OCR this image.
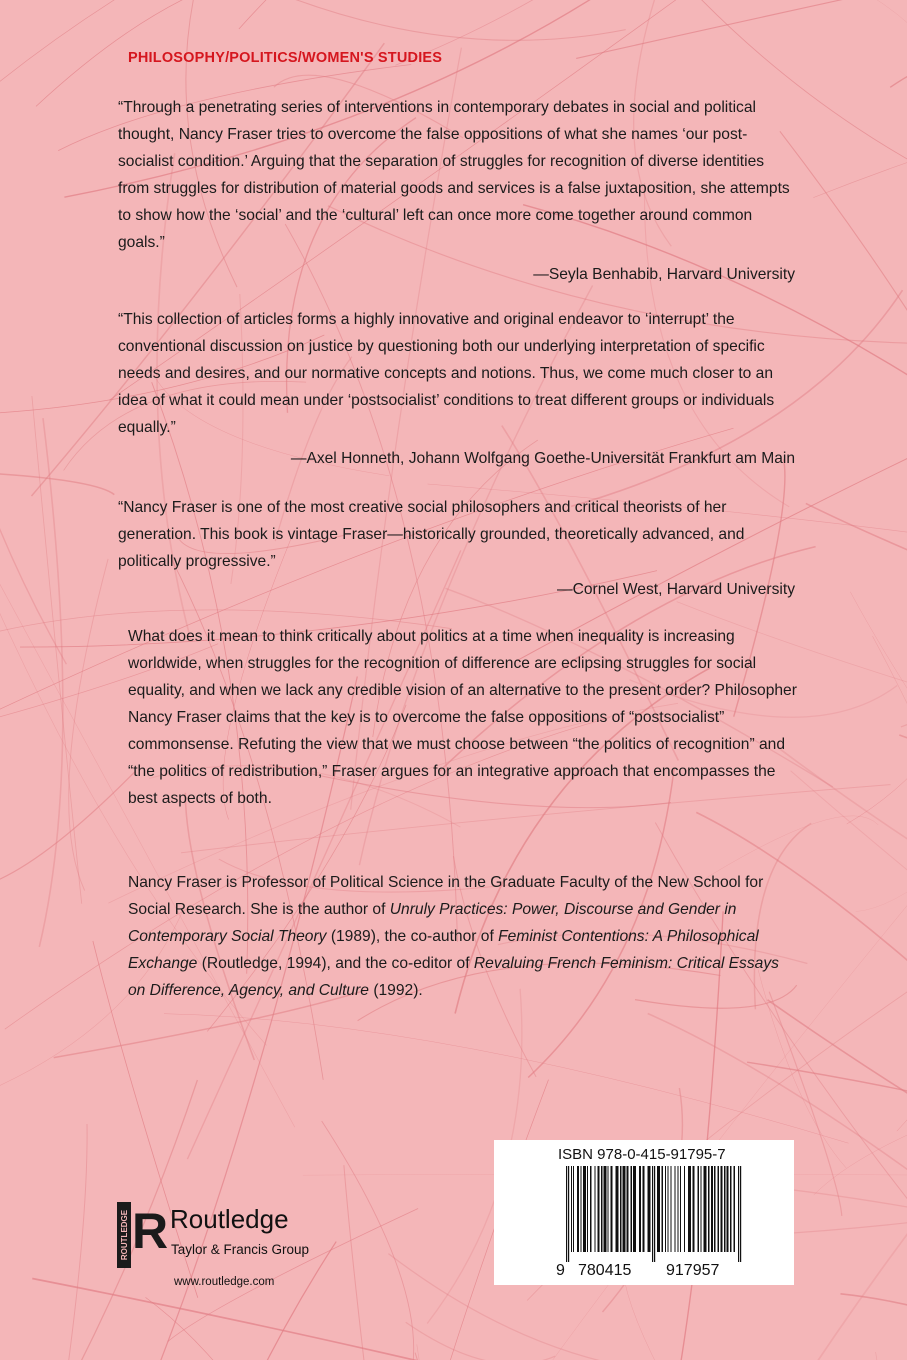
PHILOSOPHY/POLITICS/WOMEN'S STUDIES

“Through a penetrating series of interventions in contemporary debates in social and political thought, Nancy Fraser tries to overcome the false oppositions of what she names ‘our post-socialist condition.’ Arguing that the separation of struggles for recognition of diverse identities from struggles for distribution of material goods and services is a false juxtaposition, she attempts to show how the ‘social’ and the ‘cultural’ left can once more come together around common goals.”

—Seyla Benhabib, Harvard University

“This collection of articles forms a highly innovative and original endeavor to ‘interrupt’ the conventional discussion on justice by questioning both our underlying interpretation of specific needs and desires, and our normative concepts and notions. Thus, we come much closer to an idea of what it could mean under ‘postsocialist’ conditions to treat different groups or individuals equally.”

—Axel Honneth, Johann Wolfgang Goethe-Universität Frankfurt am Main

“Nancy Fraser is one of the most creative social philosophers and critical theorists of her generation. This book is vintage Fraser—historically grounded, theoretically advanced, and politically progressive.”

—Cornel West, Harvard University

What does it mean to think critically about politics at a time when inequality is increasing worldwide, when struggles for the recognition of difference are eclipsing struggles for social equality, and when we lack any credible vision of an alternative to the present order? Philosopher Nancy Fraser claims that the key is to overcome the false oppositions of “postsocialist” commonsense. Refuting the view that we must choose between “the politics of recognition” and “the politics of redistribution,” Fraser argues for an integrative approach that encompasses the best aspects of both.

Nancy Fraser is Professor of Political Science in the Graduate Faculty of the New School for Social Research. She is the author of Unruly Practices: Power, Discourse and Gender in Contemporary Social Theory (1989), the co-author of Feminist Contentions: A Philosophical Exchange (Routledge, 1994), and the co-editor of Revaluing French Feminism: Critical Essays on Difference, Agency, and Culture (1992).

ISBN 978-0-415-91795-7
9 780415 917957
ROUTLEDGE R Routledge
Taylor & Francis Group
www.routledge.com
